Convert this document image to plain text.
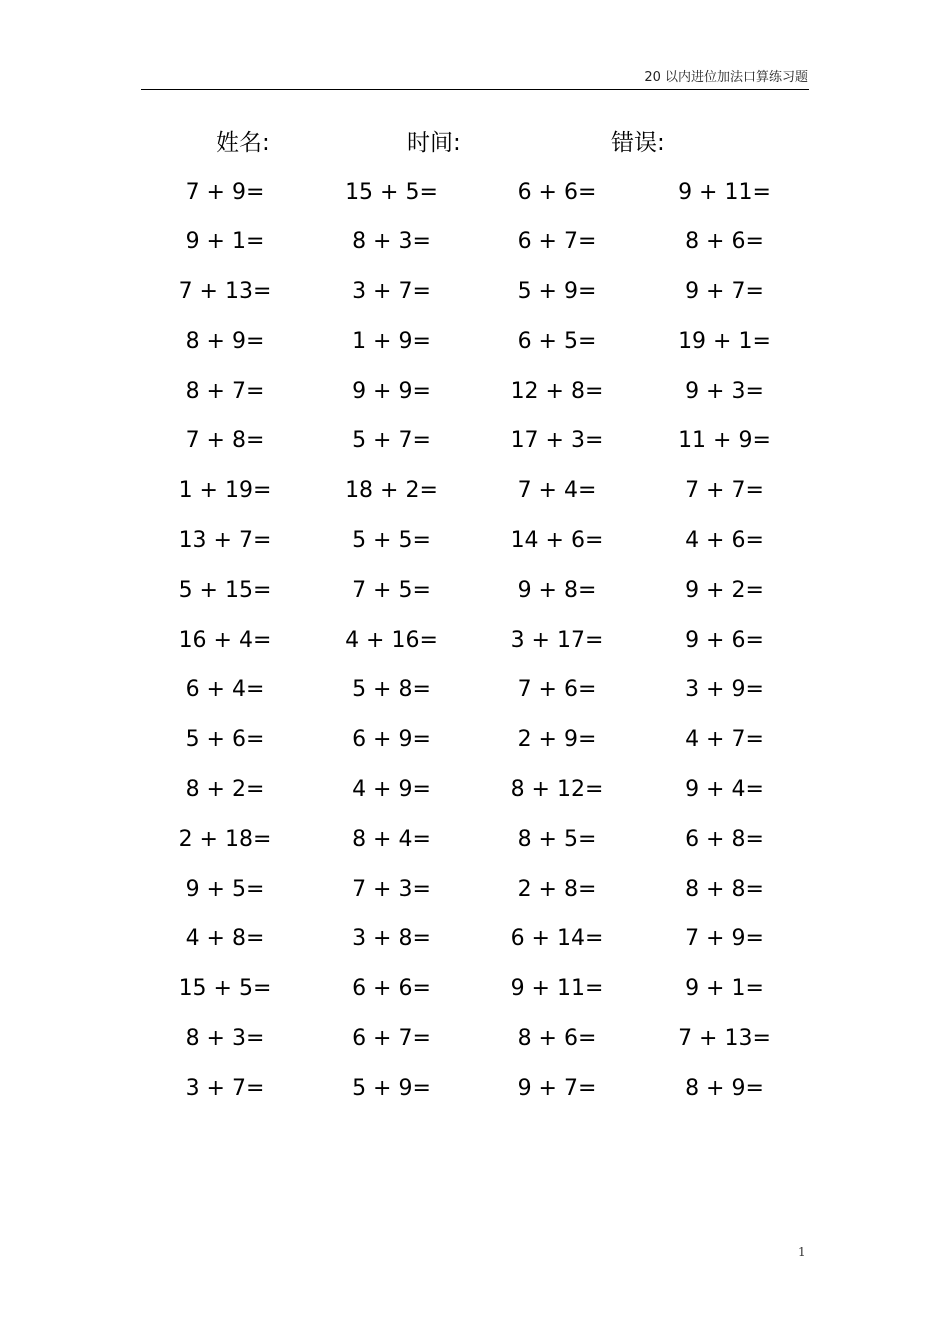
20 以内进位加法口算练习题
姓名:	时间:	错误:
7 + 9=	15 + 5=	6 + 6=	9 + 11=
9 + 1=	8 + 3=	6 + 7=	8 + 6=
7 + 13=	3 + 7=	5 + 9=	9 + 7=
8 + 9=	1 + 9=	6 + 5=	19 + 1=
8 + 7=	9 + 9=	12 + 8=	9 + 3=
7 + 8=	5 + 7=	17 + 3=	11 + 9=
1 + 19=	18 + 2=	7 + 4=	7 + 7=
13 + 7=	5 + 5=	14 + 6=	4 + 6=
5 + 15=	7 + 5=	9 + 8=	9 + 2=
16 + 4=	4 + 16=	3 + 17=	9 + 6=
6 + 4=	5 + 8=	7 + 6=	3 + 9=
5 + 6=	6 + 9=	2 + 9=	4 + 7=
8 + 2=	4 + 9=	8 + 12=	9 + 4=
2 + 18=	8 + 4=	8 + 5=	6 + 8=
9 + 5=	7 + 3=	2 + 8=	8 + 8=
4 + 8=	3 + 8=	6 + 14=	7 + 9=
15 + 5=	6 + 6=	9 + 11=	9 + 1=
8 + 3=	6 + 7=	8 + 6=	7 + 13=
3 + 7=	5 + 9=	9 + 7=	8 + 9=
1
